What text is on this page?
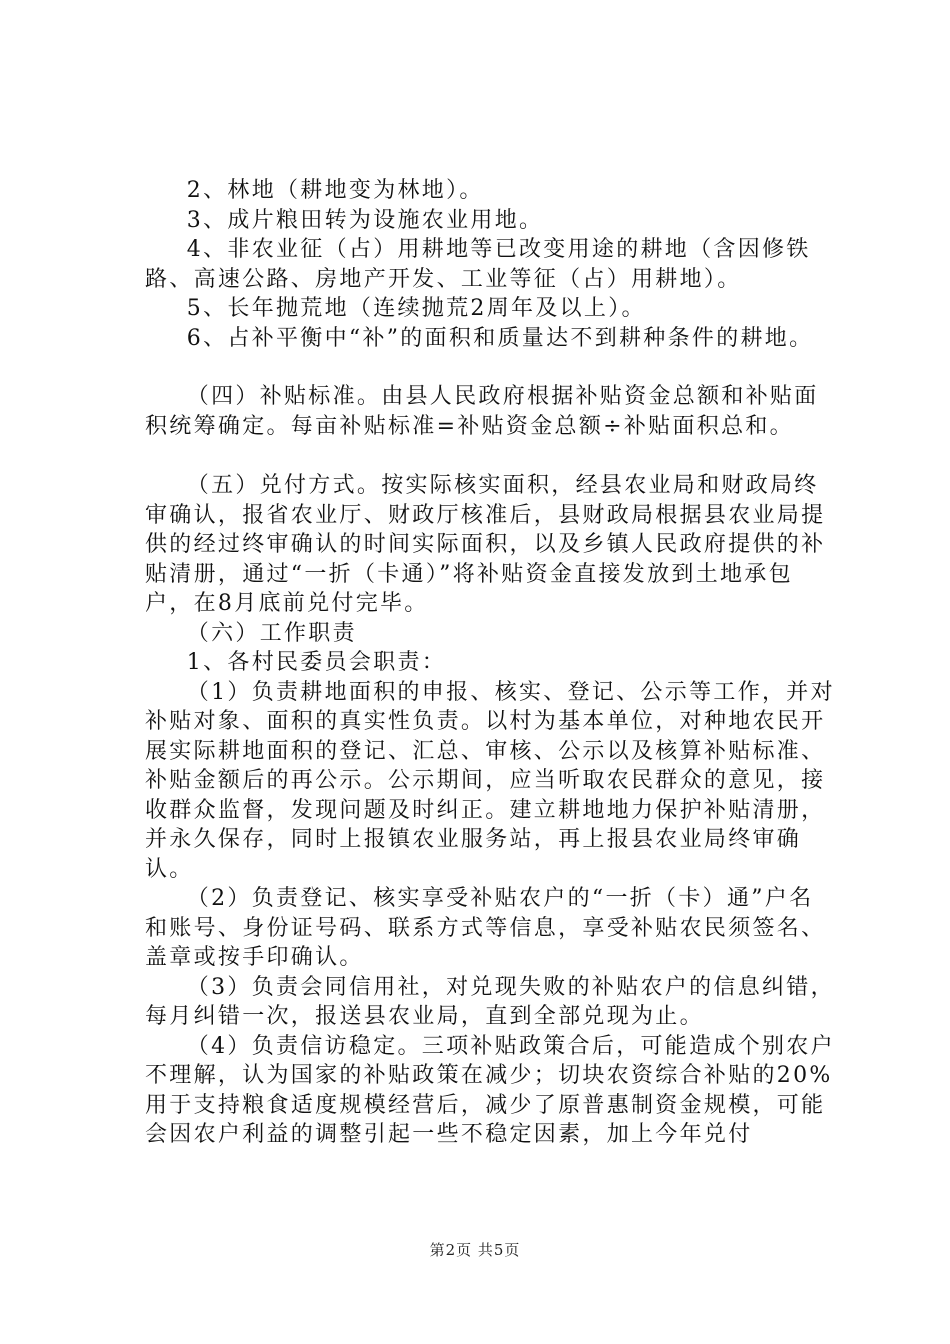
2、林地（耕地变为林地）。

3、成片粮田转为设施农业用地。

4、非农业征（占）用耕地等已改变用途的耕地（含因修铁路、高速公路、房地产开发、工业等征（占）用耕地）。

5、长年抛荒地（连续抛荒2周年及以上）。

6、占补平衡中“补”的面积和质量达不到耕种条件的耕地。

（四）补贴标准。由县人民政府根据补贴资金总额和补贴面积统筹确定。每亩补贴标准=补贴资金总额÷补贴面积总和。

（五）兑付方式。按实际核实面积，经县农业局和财政局终审确认，报省农业厅、财政厅核准后，县财政局根据县农业局提供的经过终审确认的时间实际面积，以及乡镇人民政府提供的补贴清册，通过“一折（卡通）”将补贴资金直接发放到土地承包户，在8月底前兑付完毕。

（六）工作职责

1、各村民委员会职责：

（1）负责耕地面积的申报、核实、登记、公示等工作，并对补贴对象、面积的真实性负责。以村为基本单位，对种地农民开展实际耕地面积的登记、汇总、审核、公示以及核算补贴标准、补贴金额后的再公示。公示期间，应当听取农民群众的意见，接收群众监督，发现问题及时纠正。建立耕地地力保护补贴清册，并永久保存，同时上报镇农业服务站，再上报县农业局终审确认。

（2）负责登记、核实享受补贴农户的“一折（卡）通”户名和账号、身份证号码、联系方式等信息，享受补贴农民须签名、盖章或按手印确认。

（3）负责会同信用社，对兑现失败的补贴农户的信息纠错，每月纠错一次，报送县农业局，直到全部兑现为止。

（4）负责信访稳定。三项补贴政策合后，可能造成个别农户不理解，认为国家的补贴政策在减少；切块农资综合补贴的20%用于支持粮食适度规模经营后，减少了原普惠制资金规模，可能会因农户利益的调整引起一些不稳定因素，加上今年兑付

第2页 共5页
